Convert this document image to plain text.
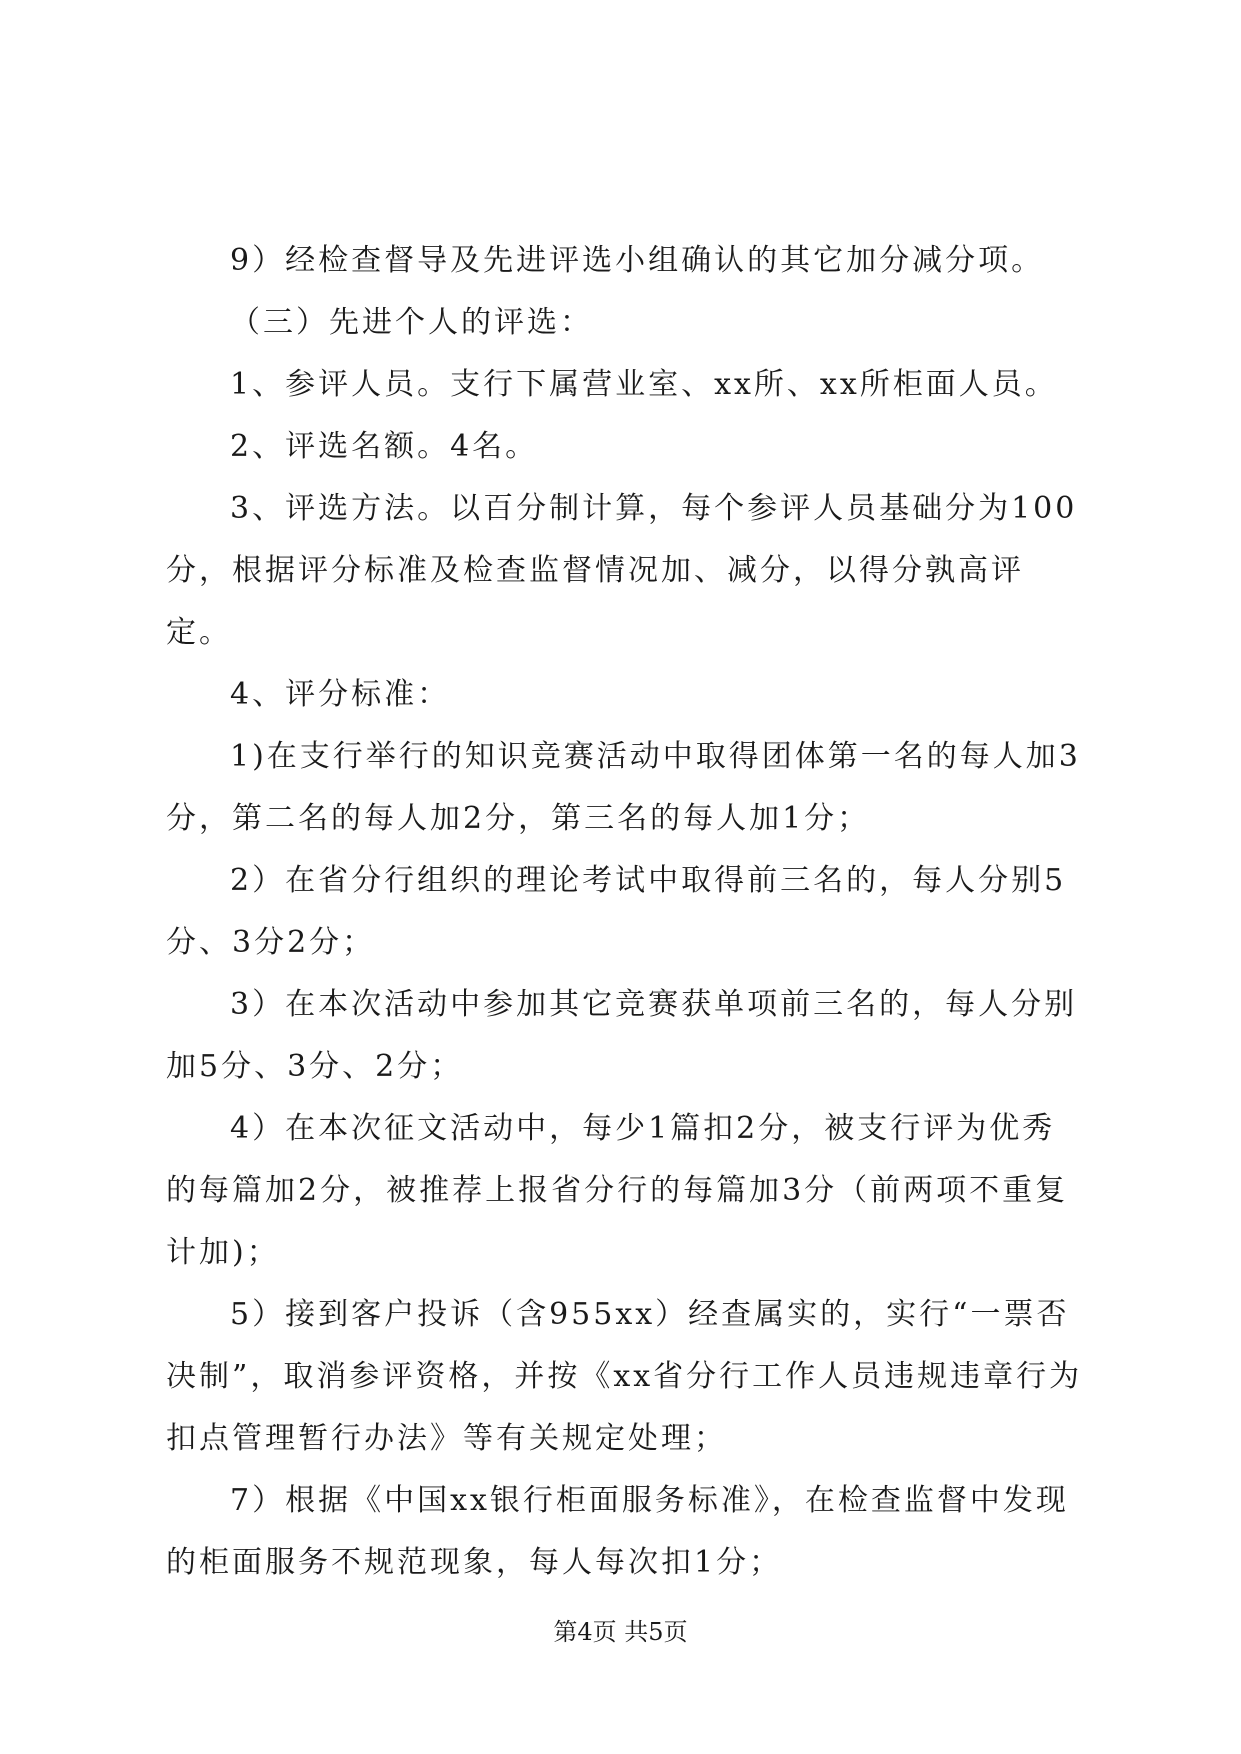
9）经检查督导及先进评选小组确认的其它加分减分项。

（三）先进个人的评选：

1、参评人员。支行下属营业室、xx所、xx所柜面人员。

2、评选名额。4名。

3、评选方法。以百分制计算，每个参评人员基础分为100分，根据评分标准及检查监督情况加、减分，以得分孰高评定。

4、评分标准：

1)在支行举行的知识竞赛活动中取得团体第一名的每人加3分，第二名的每人加2分，第三名的每人加1分；

2）在省分行组织的理论考试中取得前三名的，每人分别5分、3分2分；

3）在本次活动中参加其它竞赛获单项前三名的，每人分别加5分、3分、2分；

4）在本次征文活动中，每少1篇扣2分，被支行评为优秀的每篇加2分，被推荐上报省分行的每篇加3分（前两项不重复计加)；

5）接到客户投诉（含955xx）经查属实的，实行“一票否决制”，取消参评资格，并按《xx省分行工作人员违规违章行为扣点管理暂行办法》等有关规定处理；

7）根据《中国xx银行柜面服务标准》，在检查监督中发现的柜面服务不规范现象，每人每次扣1分；

第4页 共5页
